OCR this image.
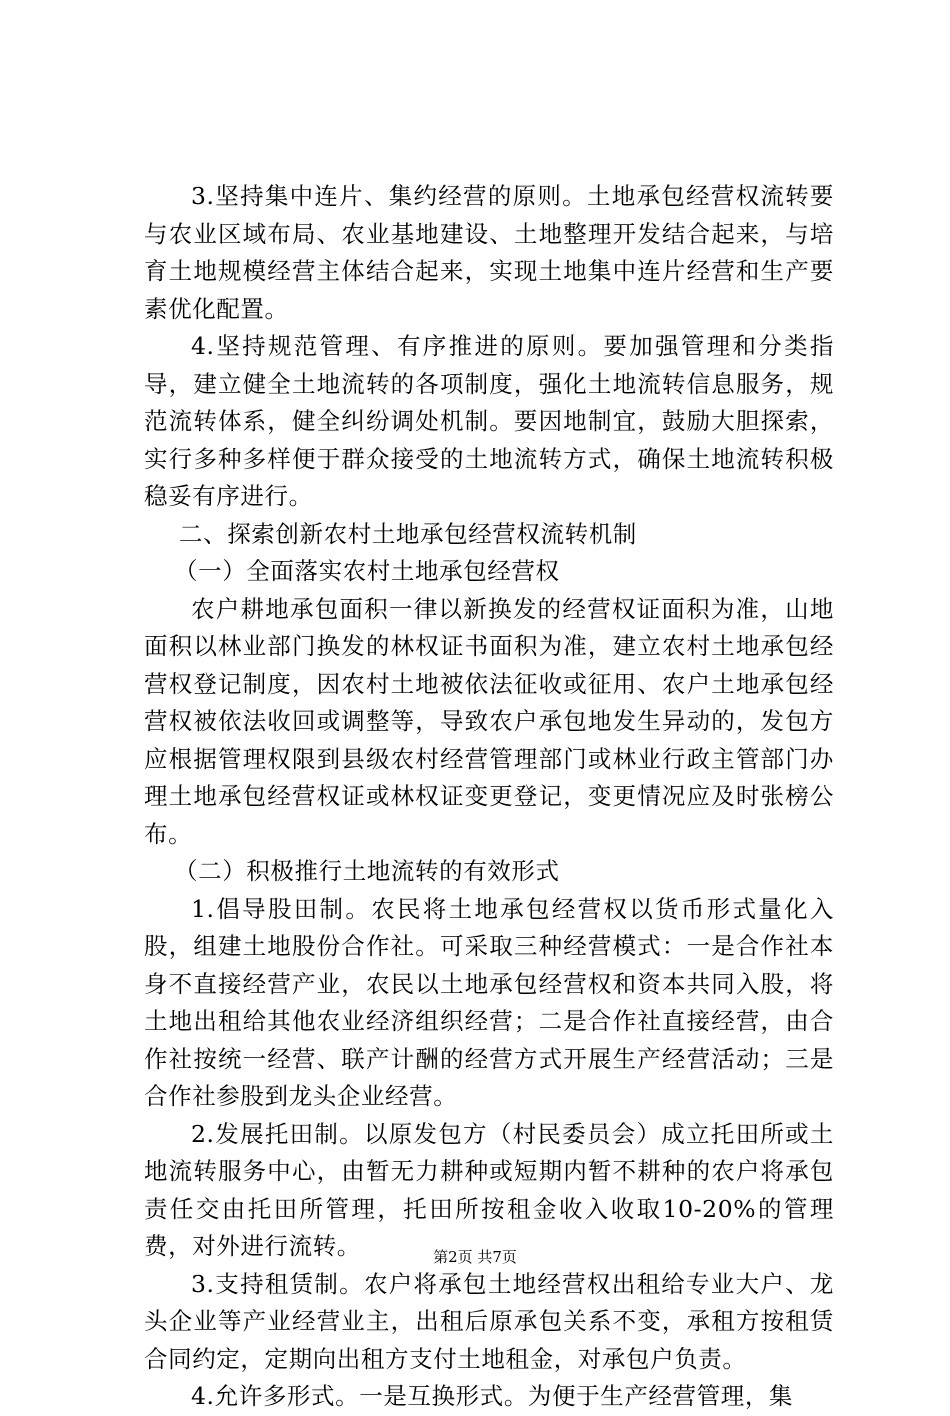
3.坚持集中连片、集约经营的原则。土地承包经营权流转要与农业区域布局、农业基地建设、土地整理开发结合起来，与培育土地规模经营主体结合起来，实现土地集中连片经营和生产要素优化配置。

4.坚持规范管理、有序推进的原则。要加强管理和分类指导，建立健全土地流转的各项制度，强化土地流转信息服务，规范流转体系，健全纠纷调处机制。要因地制宜，鼓励大胆探索，实行多种多样便于群众接受的土地流转方式，确保土地流转积极稳妥有序进行。

二、探索创新农村土地承包经营权流转机制

（一）全面落实农村土地承包经营权

农户耕地承包面积一律以新换发的经营权证面积为准，山地面积以林业部门换发的林权证书面积为准，建立农村土地承包经营权登记制度，因农村土地被依法征收或征用、农户土地承包经营权被依法收回或调整等，导致农户承包地发生异动的，发包方应根据管理权限到县级农村经营管理部门或林业行政主管部门办理土地承包经营权证或林权证变更登记，变更情况应及时张榜公布。

（二）积极推行土地流转的有效形式

1.倡导股田制。农民将土地承包经营权以货币形式量化入股，组建土地股份合作社。可采取三种经营模式：一是合作社本身不直接经营产业，农民以土地承包经营权和资本共同入股，将土地出租给其他农业经济组织经营；二是合作社直接经营，由合作社按统一经营、联产计酬的经营方式开展生产经营活动；三是合作社参股到龙头企业经营。

2.发展托田制。以原发包方（村民委员会）成立托田所或土地流转服务中心，由暂无力耕种或短期内暂不耕种的农户将承包责任交由托田所管理，托田所按租金收入收取10-20%的管理费，对外进行流转。

3.支持租赁制。农户将承包土地经营权出租给专业大户、龙头企业等产业经营业主，出租后原承包关系不变，承租方按租赁合同约定，定期向出租方支付土地租金，对承包户负责。

4.允许多形式。一是互换形式。为便于生产经营管理，集

第2页 共7页
